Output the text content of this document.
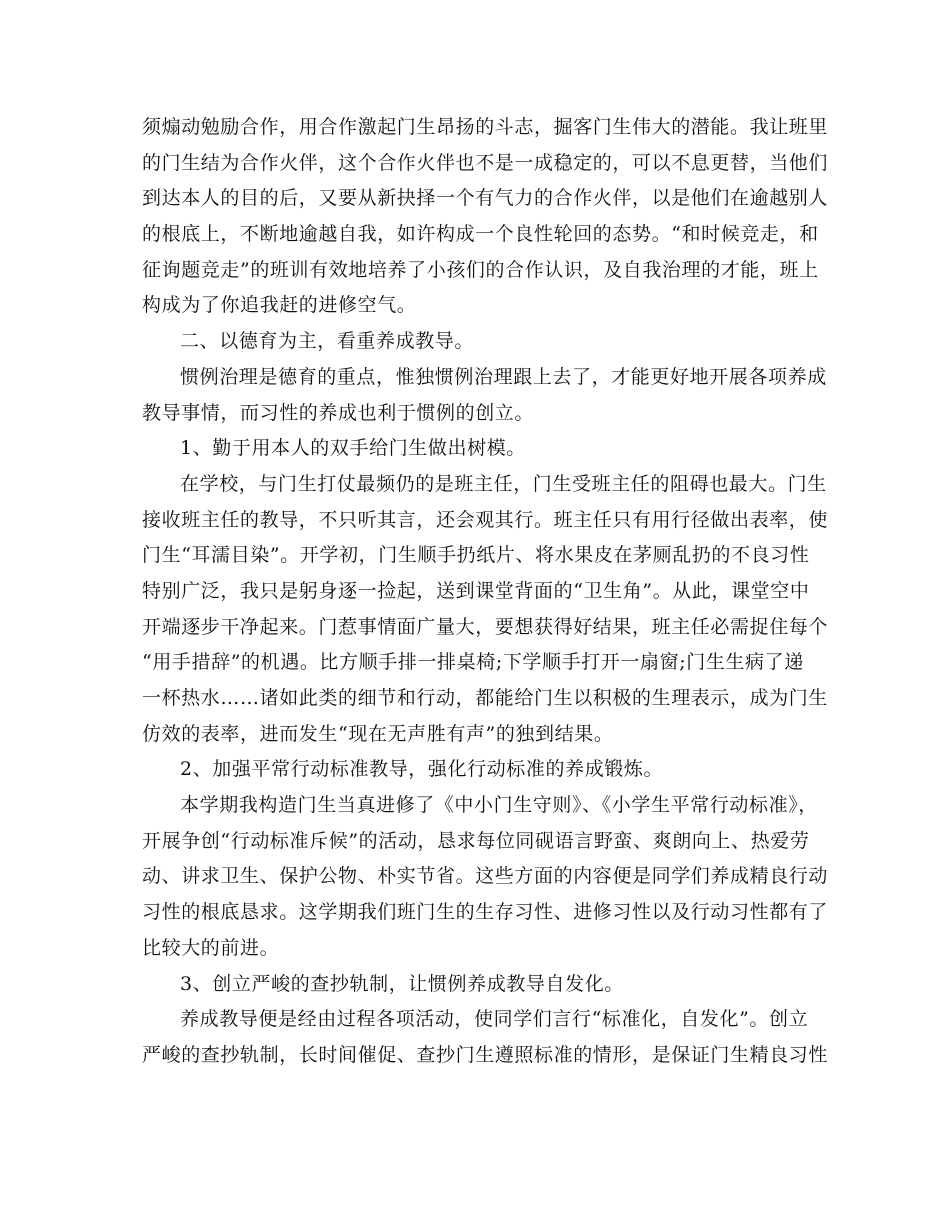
须煽动勉励合作，用合作激起门生昂扬的斗志，掘客门生伟大的潜能。我让班里
的门生结为合作火伴，这个合作火伴也不是一成稳定的，可以不息更替，当他们
到达本人的目的后，又要从新抉择一个有气力的合作火伴，以是他们在逾越别人
的根底上，不断地逾越自我，如许构成一个良性轮回的态势。“和时候竞走，和
征询题竞走”的班训有效地培养了小孩们的合作认识，及自我治理的才能，班上
构成为了你追我赶的进修空气。
二、以德育为主，看重养成教导。
惯例治理是德育的重点，惟独惯例治理跟上去了，才能更好地开展各项养成
教导事情，而习性的养成也利于惯例的创立。
1、勤于用本人的双手给门生做出树模。
在学校，与门生打仗最频仍的是班主任，门生受班主任的阻碍也最大。门生
接收班主任的教导，不只听其言，还会观其行。班主任只有用行径做出表率，使
门生“耳濡目染”。开学初，门生顺手扔纸片、将水果皮在茅厕乱扔的不良习性
特别广泛，我只是躬身逐一捡起，送到课堂背面的“卫生角”。从此，课堂空中
开端逐步干净起来。门惹事情面广量大，要想获得好结果，班主任必需捉住每个
“用手措辞”的机遇。比方顺手排一排桌椅;下学顺手打开一扇窗;门生生病了递
一杯热水……诸如此类的细节和行动，都能给门生以积极的生理表示，成为门生
仿效的表率，进而发生“现在无声胜有声”的独到结果。
2、加强平常行动标准教导，强化行动标准的养成锻炼。
本学期我构造门生当真进修了《中小门生守则》、《小学生平常行动标准》，
开展争创“行动标准斥候”的活动，恳求每位同砚语言野蛮、爽朗向上、热爱劳
动、讲求卫生、保护公物、朴实节省。这些方面的内容便是同学们养成精良行动
习性的根底恳求。这学期我们班门生的生存习性、进修习性以及行动习性都有了
比较大的前进。
3、创立严峻的查抄轨制，让惯例养成教导自发化。
养成教导便是经由过程各项活动，使同学们言行“标准化，自发化”。创立
严峻的查抄轨制，长时间催促、查抄门生遵照标准的情形，是保证门生精良习性
